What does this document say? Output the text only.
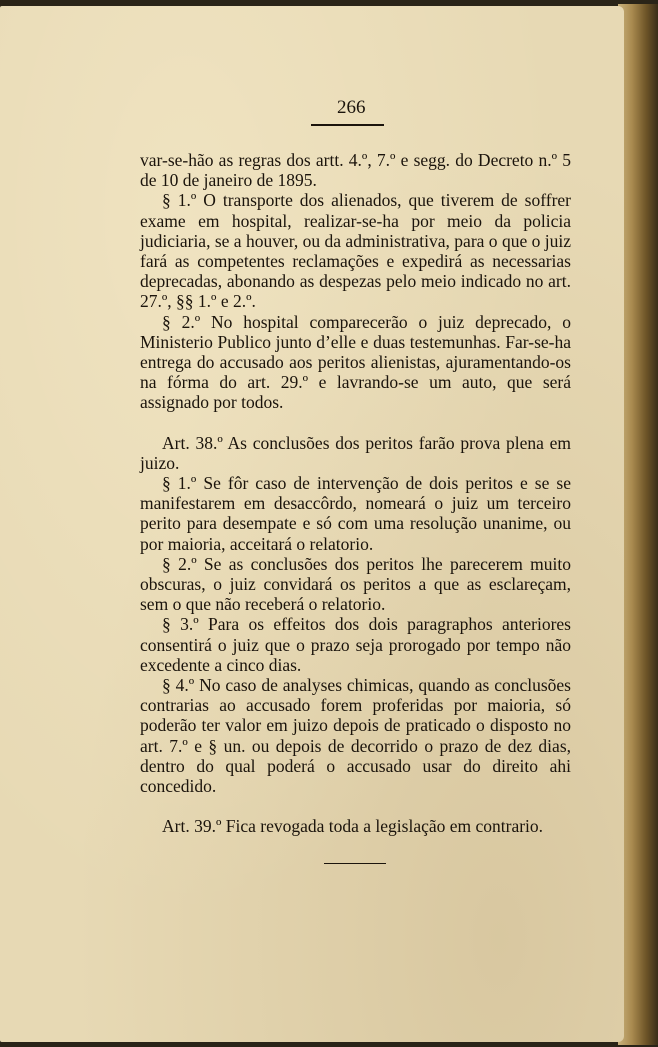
266

var-se-hão as regras dos artt. 4.º, 7.º e segg. do Decreto n.º 5 de 10 de janeiro de 1895.

§ 1.º O transporte dos alienados, que tiverem de soffrer exame em hospital, realizar-se-ha por meio da policia judiciaria, se a houver, ou da administrativa, para o que o juiz fará as competentes reclamações e expedirá as necessarias deprecadas, abonando as despezas pelo meio indicado no art. 27.º, §§ 1.º e 2.º.

§ 2.º No hospital comparecerão o juiz deprecado, o Ministerio Publico junto d’elle e duas testemunhas. Far-se-ha entrega do accusado aos peritos alienistas, ajuramentando-os na fórma do art. 29.º e lavrando-se um auto, que será assignado por todos.

Art. 38.º As conclusões dos peritos farão prova plena em juizo.

§ 1.º Se fôr caso de intervenção de dois peritos e se se manifestarem em desaccôrdo, nomeará o juiz um terceiro perito para desempate e só com uma resolução unanime, ou por maioria, acceitará o relatorio.

§ 2.º Se as conclusões dos peritos lhe parecerem muito obscuras, o juiz convidará os peritos a que as esclareçam, sem o que não receberá o relatorio.

§ 3.º Para os effeitos dos dois paragraphos anteriores consentirá o juiz que o prazo seja prorogado por tempo não excedente a cinco dias.

§ 4.º No caso de analyses chimicas, quando as conclusões contrarias ao accusado forem proferidas por maioria, só poderão ter valor em juizo depois de praticado o disposto no art. 7.º e § un. ou depois de decorrido o prazo de dez dias, dentro do qual poderá o accusado usar do direito ahi concedido.

Art. 39.º Fica revogada toda a legislação em contrario.
